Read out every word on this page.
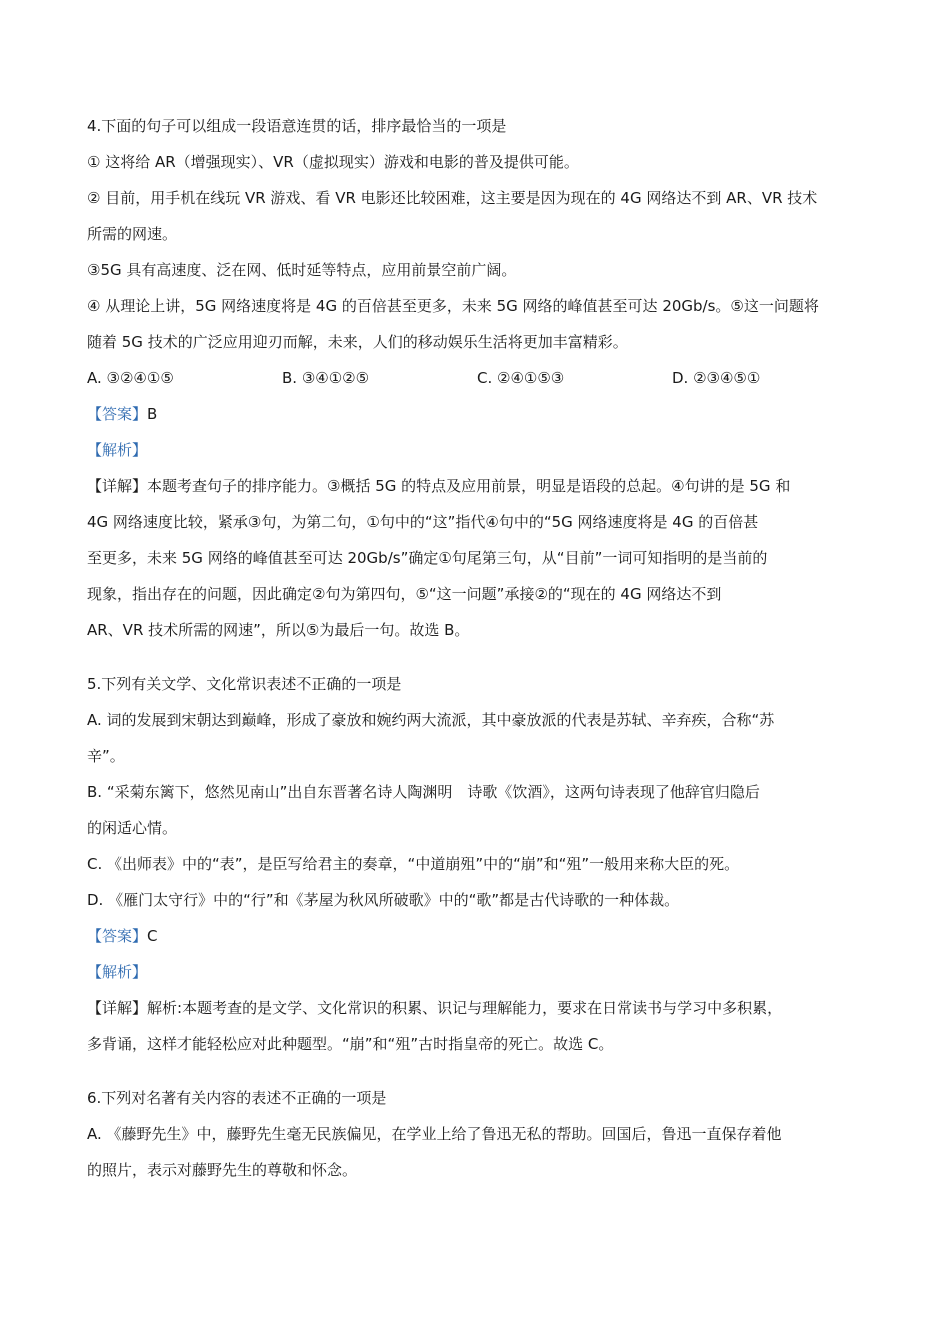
4.下面的句子可以组成一段语意连贯的话，排序最恰当的一项是
① 这将给 AR（增强现实）、VR（虚拟现实）游戏和电影的普及提供可能。
② 目前，用手机在线玩 VR 游戏、看 VR 电影还比较困难，这主要是因为现在的 4G 网络达不到 AR、VR 技术
所需的网速。
③5G 具有高速度、泛在网、低时延等特点，应用前景空前广阔。
④ 从理论上讲，5G 网络速度将是 4G 的百倍甚至更多，未来 5G 网络的峰值甚至可达 20Gb/s。⑤这一问题将
随着 5G 技术的广泛应用迎刃而解，未来，人们的移动娱乐生活将更加丰富精彩。
A. ③②④①⑤	B. ③④①②⑤	C. ②④①⑤③	D. ②③④⑤①
【答案】B
【解析】
【详解】本题考查句子的排序能力。③概括 5G 的特点及应用前景，明显是语段的总起。④句讲的是 5G 和
4G 网络速度比较，紧承③句，为第二句，①句中的“这”指代④句中的“5G 网络速度将是 4G 的百倍甚
至更多，未来 5G 网络的峰值甚至可达 20Gb/s”确定①句尾第三句，从“目前”一词可知指明的是当前的
现象，指出存在的问题，因此确定②句为第四句，⑤“这一问题”承接②的“现在的 4G 网络达不到
AR、VR 技术所需的网速”，所以⑤为最后一句。故选 B。
5.下列有关文学、文化常识表述不正确的一项是
A. 词的发展到宋朝达到巅峰，形成了豪放和婉约两大流派，其中豪放派的代表是苏轼、辛弃疾，合称“苏
辛”。
B. “采菊东篱下，悠然见南山”出自东晋著名诗人陶渊明　诗歌《饮酒》，这两句诗表现了他辞官归隐后
的闲适心情。
C. 《出师表》中的“表”，是臣写给君主的奏章，“中道崩殂”中的“崩”和“殂”一般用来称大臣的死。
D. 《雁门太守行》中的“行”和《茅屋为秋风所破歌》中的“歌”都是古代诗歌的一种体裁。
【答案】C
【解析】
【详解】解析:本题考查的是文学、文化常识的积累、识记与理解能力，要求在日常读书与学习中多积累，
多背诵，这样才能轻松应对此种题型。“崩”和“殂”古时指皇帝的死亡。故选 C。
6.下列对名著有关内容的表述不正确的一项是
A. 《藤野先生》中，藤野先生毫无民族偏见，在学业上给了鲁迅无私的帮助。回国后，鲁迅一直保存着他
的照片，表示对藤野先生的尊敬和怀念。
